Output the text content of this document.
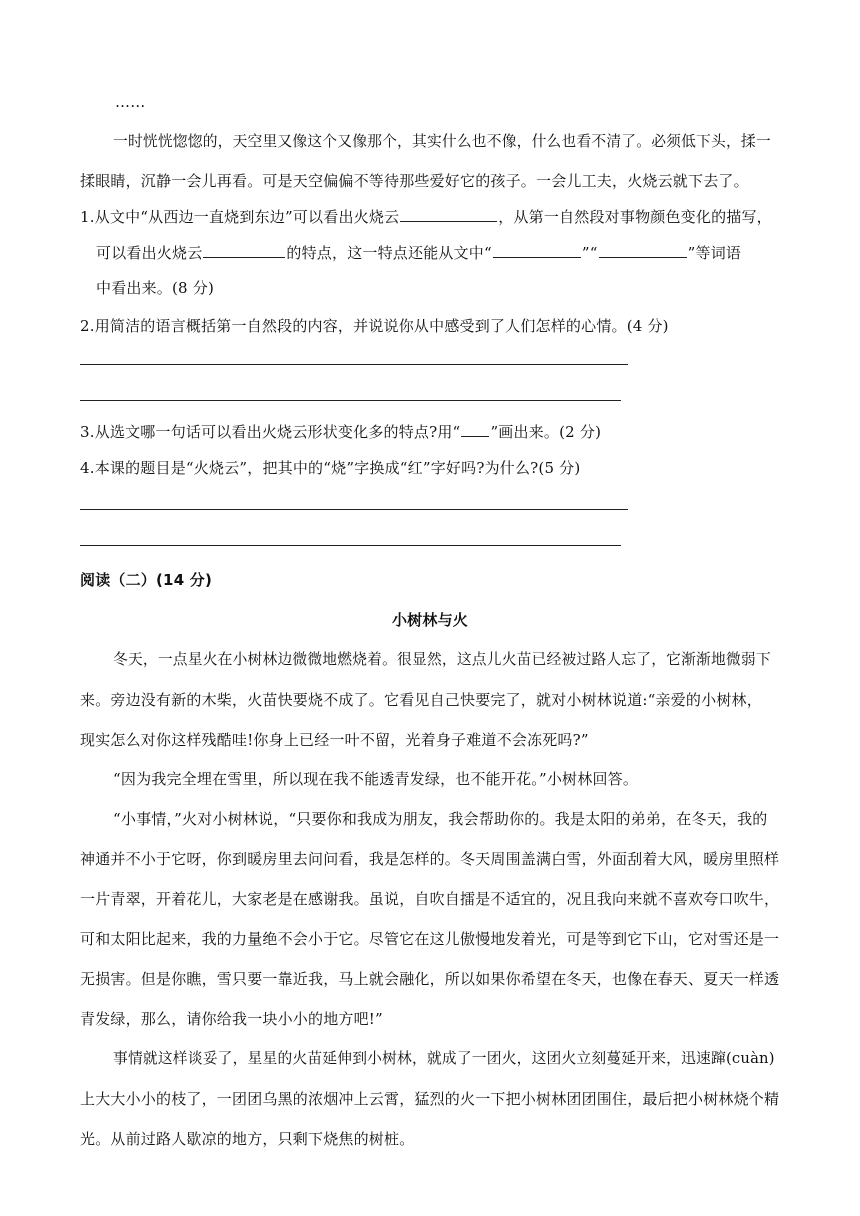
……
一时恍恍惚惚的，天空里又像这个又像那个，其实什么也不像，什么也看不清了。必须低下头，揉一
揉眼睛，沉静一会儿再看。可是天空偏偏不等待那些爱好它的孩子。一会儿工夫，火烧云就下去了。
1.从文中“从西边一直烧到东边”可以看出火烧云	，从第一自然段对事物颜色变化的描写，
可以看出火烧云	的特点，这一特点还能从文中“	”“	”等词语
中看出来。(8 分)
2.用简洁的语言概括第一自然段的内容，并说说你从中感受到了人们怎样的心情。(4 分)
3.从选文哪一句话可以看出火烧云形状变化多的特点?用“ ”画出来。(2 分)
4.本课的题目是“火烧云”，把其中的“烧”字换成“红”字好吗?为什么?(5 分)
阅读（二）(14 分)
小树林与火
冬天，一点星火在小树林边微微地燃烧着。很显然，这点儿火苗已经被过路人忘了，它渐渐地微弱下
来。旁边没有新的木柴，火苗快要烧不成了。它看见自己快要完了，就对小树林说道:“亲爱的小树林，
现实怎么对你这样残酷哇!你身上已经一叶不留，光着身子难道不会冻死吗?”
“因为我完全埋在雪里，所以现在我不能透青发绿，也不能开花。”小树林回答。
“小事情，”火对小树林说，“只要你和我成为朋友，我会帮助你的。我是太阳的弟弟，在冬天，我的
神通并不小于它呀，你到暖房里去问问看，我是怎样的。冬天周围盖满白雪，外面刮着大风，暖房里照样
一片青翠，开着花儿，大家老是在感谢我。虽说，自吹自擂是不适宜的，况且我向来就不喜欢夸口吹牛，
可和太阳比起来，我的力量绝不会小于它。尽管它在这儿傲慢地发着光，可是等到它下山，它对雪还是一
无损害。但是你瞧，雪只要一靠近我，马上就会融化，所以如果你希望在冬天，也像在春天、夏天一样透
青发绿，那么，请你给我一块小小的地方吧!”
事情就这样谈妥了，星星的火苗延伸到小树林，就成了一团火，这团火立刻蔓延开来，迅速蹿(cuàn)
上大大小小的枝了，一团团乌黑的浓烟冲上云霄，猛烈的火一下把小树林团团围住，最后把小树林烧个精
光。从前过路人歇凉的地方，只剩下烧焦的树桩。
